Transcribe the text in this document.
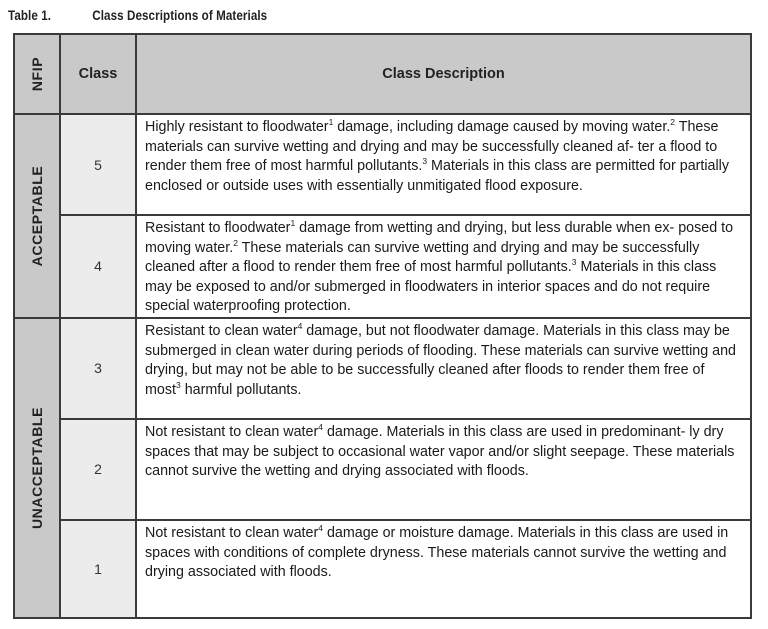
Table 1.	Class Descriptions of Materials
NFIP	Class	Class Description

ACCEPTABLE	5	Highly resistant to floodwater$^1$ damage, including damage caused by moving water.$^2$ These materials can survive wetting and drying and may be successfully cleaned af- ter a flood to render them free of most harmful pollutants.$^3$ Materials in this class are permitted for partially enclosed or outside uses with essentially unmitigated flood exposure.
	4	Resistant to floodwater$^1$ damage from wetting and drying, but less durable when ex- posed to moving water.$^2$ These materials can survive wetting and drying and may be successfully cleaned after a flood to render them free of most harmful pollutants.$^3$ Materials in this class may be exposed to and/or submerged in floodwaters in interior spaces and do not require special waterproofing protection.

UNACCEPTABLE	3	Resistant to clean water$^4$ damage, but not floodwater damage. Materials in this class may be submerged in clean water during periods of flooding. These materials can survive wetting and drying, but may not be able to be successfully cleaned after floods to render them free of most$^3$ harmful pollutants.
	2	Not resistant to clean water$^4$ damage. Materials in this class are used in predominant- ly dry spaces that may be subject to occasional water vapor and/or slight seepage. These materials cannot survive the wetting and drying associated with floods.
	1	Not resistant to clean water$^4$ damage or moisture damage. Materials in this class are used in spaces with conditions of complete dryness. These materials cannot survive the wetting and drying associated with floods.
